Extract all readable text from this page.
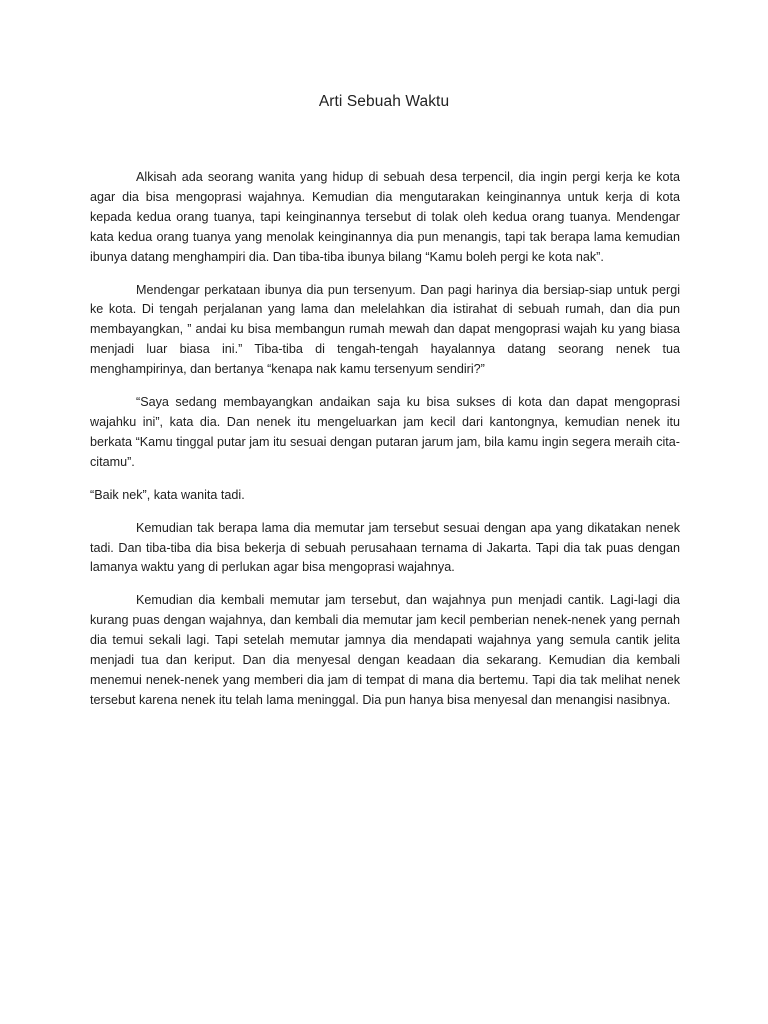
Arti Sebuah Waktu

Alkisah ada seorang wanita yang hidup di sebuah desa terpencil, dia ingin pergi kerja ke kota agar dia bisa mengoprasi wajahnya. Kemudian dia mengutarakan keinginannya untuk kerja di kota kepada kedua orang tuanya, tapi keinginannya tersebut di tolak oleh kedua orang tuanya. Mendengar kata kedua orang tuanya yang menolak keinginannya dia pun menangis, tapi tak berapa lama kemudian ibunya datang menghampiri dia. Dan tiba-tiba ibunya bilang “Kamu boleh pergi ke kota nak”.

Mendengar perkataan ibunya dia pun tersenyum. Dan pagi harinya dia bersiap-siap untuk pergi ke kota. Di tengah perjalanan yang lama dan melelahkan dia istirahat di sebuah rumah, dan dia pun membayangkan, ” andai ku bisa membangun rumah mewah dan dapat mengoprasi wajah ku yang biasa menjadi luar biasa ini.” Tiba-tiba di tengah-tengah hayalannya datang seorang nenek tua menghampirinya, dan bertanya “kenapa nak kamu tersenyum sendiri?”

“Saya sedang membayangkan andaikan saja ku bisa sukses di kota dan dapat mengoprasi wajahku ini”, kata dia. Dan nenek itu mengeluarkan jam kecil dari kantongnya, kemudian nenek itu berkata “Kamu tinggal putar jam itu sesuai dengan putaran jarum jam, bila kamu ingin segera meraih cita-citamu”.

“Baik nek”, kata wanita tadi.

Kemudian tak berapa lama dia memutar jam tersebut sesuai dengan apa yang dikatakan nenek tadi. Dan tiba-tiba dia bisa bekerja di sebuah perusahaan ternama di Jakarta. Tapi dia tak puas dengan lamanya waktu yang di perlukan agar bisa mengoprasi wajahnya.

Kemudian dia kembali memutar jam tersebut, dan wajahnya pun menjadi cantik. Lagi-lagi dia kurang puas dengan wajahnya, dan kembali dia memutar jam kecil pemberian nenek-nenek yang pernah dia temui sekali lagi. Tapi setelah memutar jamnya dia mendapati wajahnya yang semula cantik jelita menjadi tua dan keriput. Dan dia menyesal dengan keadaan dia sekarang. Kemudian dia kembali menemui nenek-nenek yang memberi dia jam di tempat di mana dia bertemu. Tapi dia tak melihat nenek tersebut karena nenek itu telah lama meninggal. Dia pun hanya bisa menyesal dan menangisi nasibnya.
